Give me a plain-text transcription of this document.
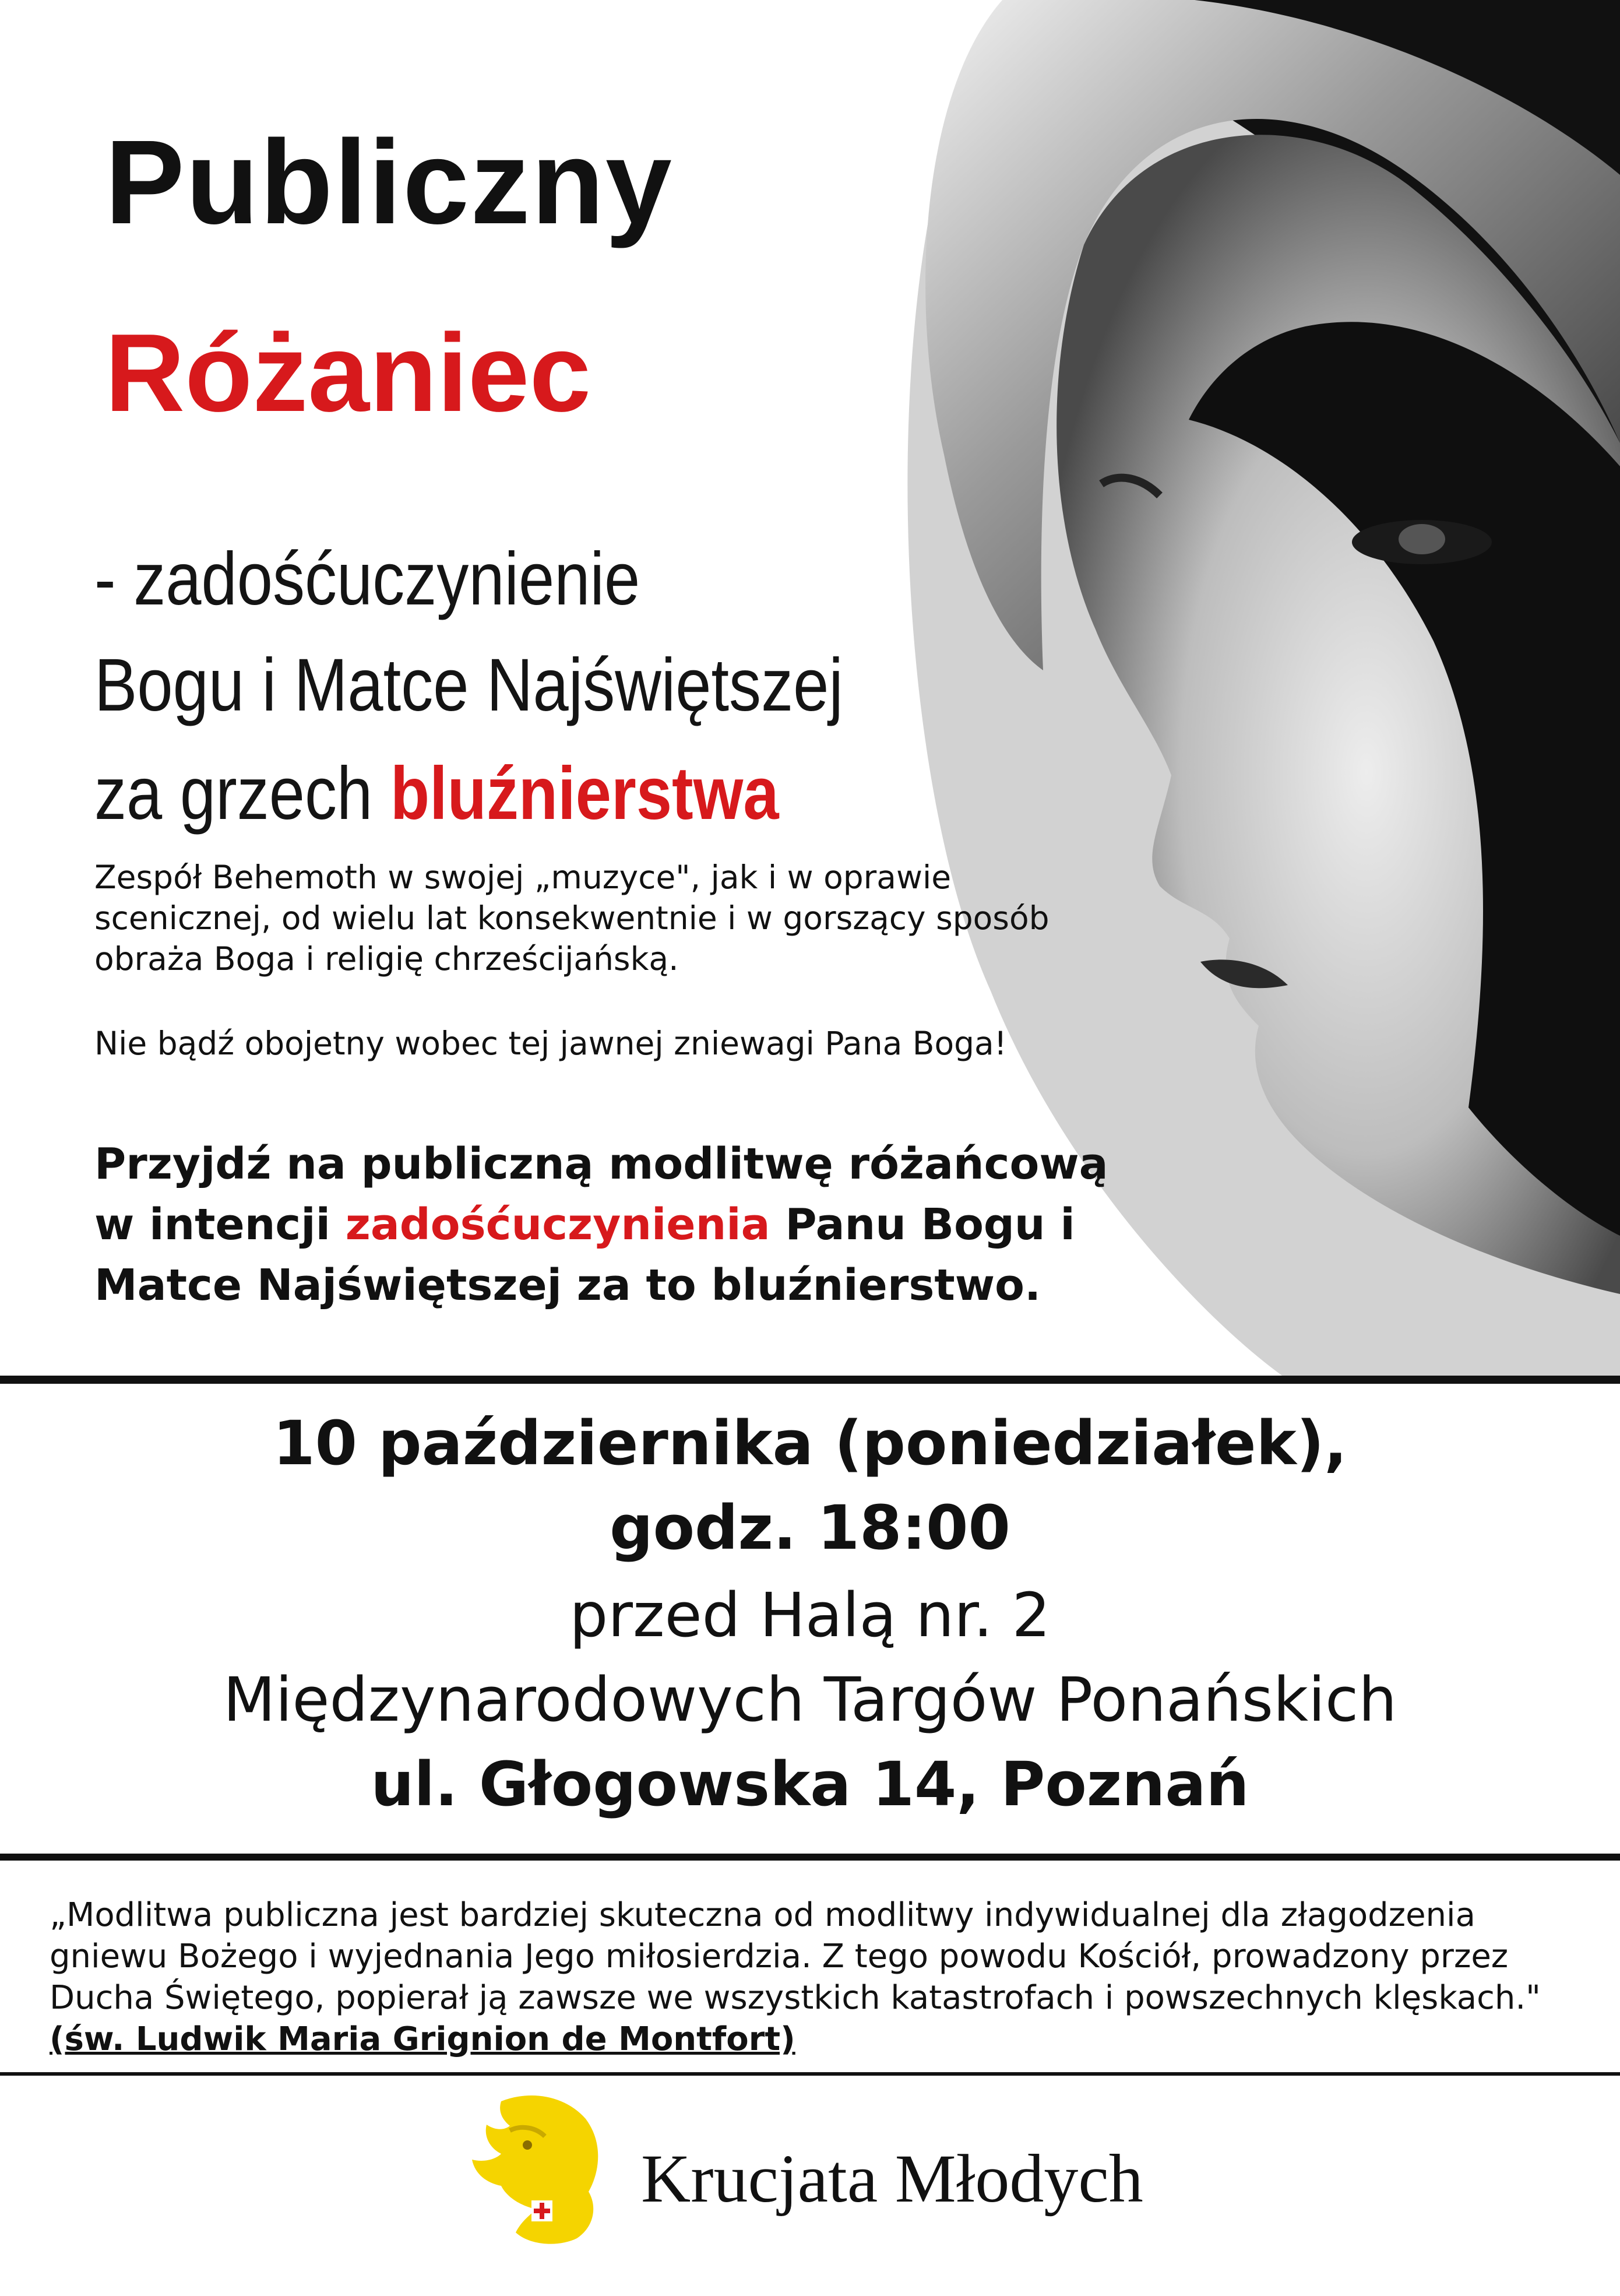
Publiczny
Różaniec
- zadośćuczynienie
Bogu i Matce Najświętszej
za grzech bluźnierstwa
Zespół Behemoth w swojej „muzyce", jak i w oprawie scenicznej, od wielu lat konsekwentnie i w gorszący sposób obraża Boga i religię chrześcijańską.
Nie bądź obojetny wobec tej jawnej zniewagi Pana Boga!
Przyjdź na publiczną modlitwę różańcową w intencji zadośćuczynienia Panu Bogu i Matce Najświętszej za to bluźnierstwo.
10 października (poniedziałek),
godz. 18:00
przed Halą nr. 2
Międzynarodowych Targów Ponańskich
ul. Głogowska 14, Poznań
„Modlitwa publiczna jest bardziej skuteczna od modlitwy indywidualnej dla złagodzenia gniewu Bożego i wyjednania Jego miłosierdzia. Z tego powodu Kościół, prowadzony przez Ducha Świętego, popierał ją zawsze we wszystkich katastrofach i powszechnych klęskach."(św. Ludwik Maria Grignion de Montfort)
Krucjata Młodych
